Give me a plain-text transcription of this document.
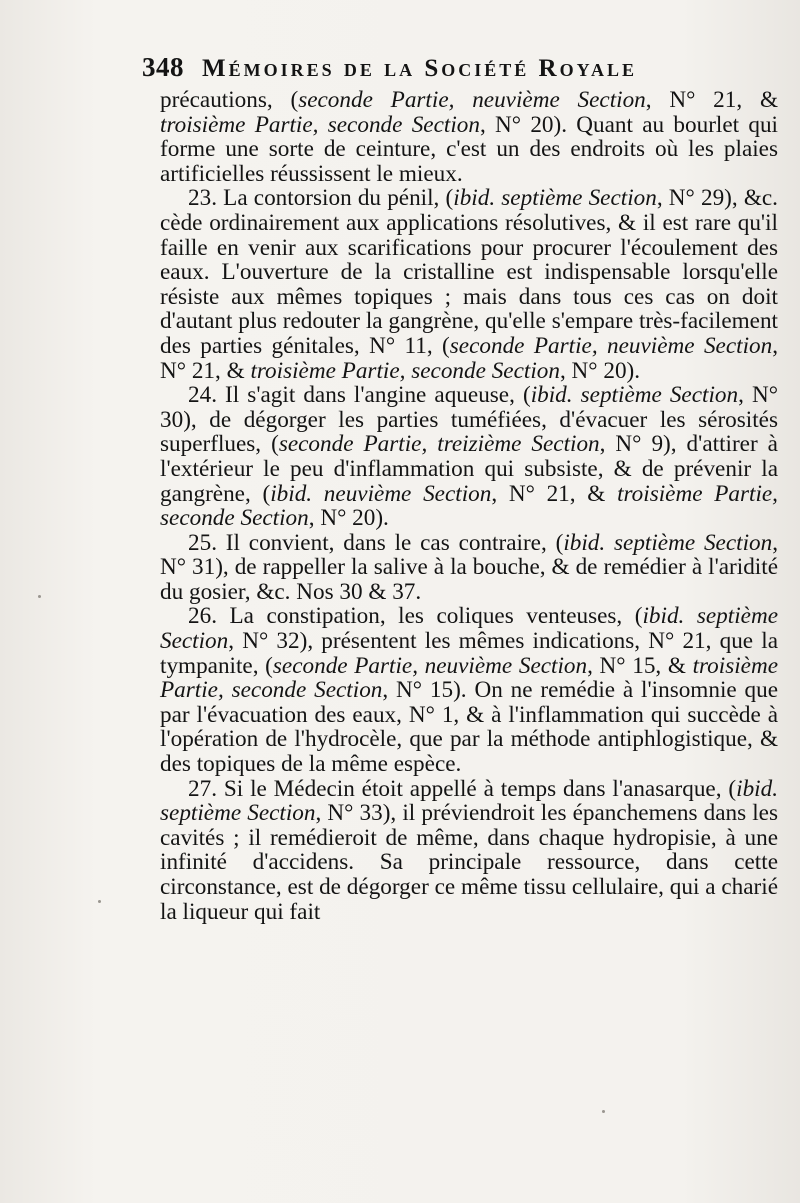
348 Mémoires de la Société Royale

précautions, (seconde Partie, neuvième Section, N° 21, & troisième Partie, seconde Section, N° 20). Quant au bourlet qui forme une sorte de ceinture, c'est un des endroits où les plaies artificielles réussissent le mieux.

23. La contorsion du pénil, (ibid. septième Section, N° 29), &c. cède ordinairement aux applications résolutives, & il est rare qu'il faille en venir aux scarifications pour procurer l'écoulement des eaux. L'ouverture de la cristalline est indispensable lorsqu'elle résiste aux mêmes topiques ; mais dans tous ces cas on doit d'autant plus redouter la gangrène, qu'elle s'empare très-facilement des parties génitales, N° 11, (seconde Partie, neuvième Section, N° 21, & troisième Partie, seconde Section, N° 20).

24. Il s'agit dans l'angine aqueuse, (ibid. septième Section, N° 30), de dégorger les parties tuméfiées, d'évacuer les sérosités superflues, (seconde Partie, treizième Section, N° 9), d'attirer à l'extérieur le peu d'inflammation qui subsiste, & de prévenir la gangrène, (ibid. neuvième Section, N° 21, & troisième Partie, seconde Section, N° 20).

25. Il convient, dans le cas contraire, (ibid. septième Section, N° 31), de rappeller la salive à la bouche, & de remédier à l'aridité du gosier, &c. Nos 30 & 37.

26. La constipation, les coliques venteuses, (ibid. septième Section, N° 32), présentent les mêmes indications, N° 21, que la tympanite, (seconde Partie, neuvième Section, N° 15, & troisième Partie, seconde Section, N° 15). On ne remédie à l'insomnie que par l'évacuation des eaux, N° 1, & à l'inflammation qui succède à l'opération de l'hydrocèle, que par la méthode antiphlogistique, & des topiques de la même espèce.

27. Si le Médecin étoit appellé à temps dans l'anasarque, (ibid. septième Section, N° 33), il préviendroit les épanchemens dans les cavités ; il remédieroit de même, dans chaque hydropisie, à une infinité d'accidens. Sa principale ressource, dans cette circonstance, est de dégorger ce même tissu cellulaire, qui a charié la liqueur qui fait
